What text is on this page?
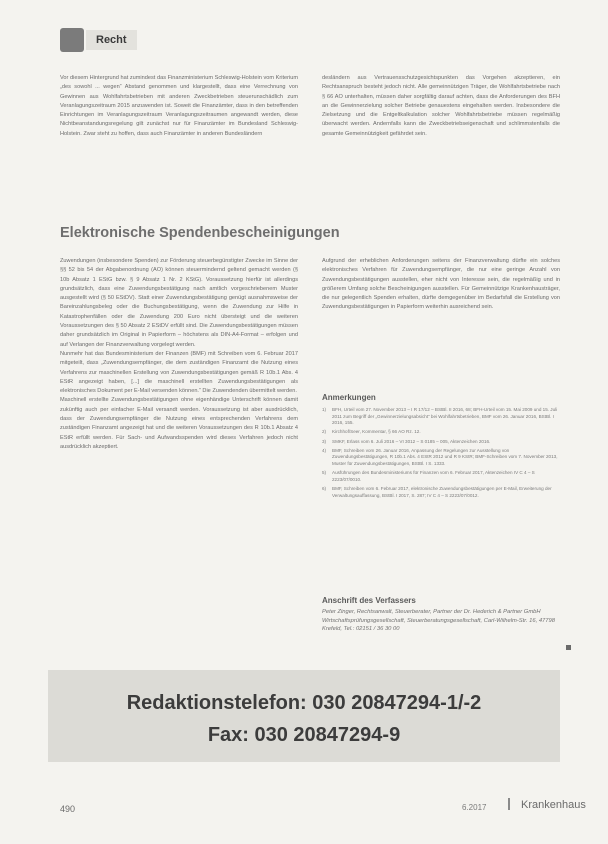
Recht

Vor diesem Hintergrund hat zumindest das Finanzministerium Schleswig-Holstein vom Kriterium „des sowohl ... wegen“ Abstand genommen und klargestellt, dass eine Verrechnung von Gewinnen aus Wohlfahrtsbetrieben mit anderen Zweckbetrieben steuerunschädlich zum Veranlagungszeitraum 2015 anzuwenden ist. Soweit die Finanzämter, dass in den betreffenden Einrichtungen im Veranlagungszeitraum Veranlagungszeitraumen angewandt werden, diese Nichtbeanstandungsregelung gilt zunächst nur für Finanzämter im Bundesland Schleswig-Holstein. Zwar steht zu hoffen, dass auch Finanzämter in anderen Bundesländern

desländern aus Vertrauensschutzgesichtspunkten das Vorgehen akzeptieren, ein Rechtsanspruch besteht jedoch nicht. Alle gemeinnützigen Träger, die Wohlfahrtsbetriebe nach § 66 AO unterhalten, müssen daher sorgfältig darauf achten, dass die Anforderungen des BFH an die Gewinnerzielung solcher Betriebe genauestens eingehalten werden. Insbesondere die Zielsetzung und die Entgeltkalkulation solcher Wohlfahrtsbetriebe müssen regelmäßig überwacht werden. Andernfalls kann die Zweckbetriebseigenschaft und schlimmstenfalls die gesamte Gemeinnützigkeit gefährdet sein.

Elektronische Spendenbescheinigungen

Zuwendungen (insbesondere Spenden) zur Förderung steuerbegünstigter Zwecke im Sinne der §§ 52 bis 54 der Abgabenordnung (AO) können steuermindernd geltend gemacht werden (§ 10b Absatz 1 EStG bzw. § 9 Absatz 1 Nr. 2 KStG). Voraussetzung hierfür ist allerdings grundsätzlich, dass eine Zuwendungsbestätigung nach amtlich vorgeschriebenem Muster ausgestellt wird (§ 50 EStDV). Statt einer Zuwendungsbestätigung genügt ausnahmsweise der Bareinzahlungsbeleg oder die Buchungsbestätigung, wenn die Zuwendung zur Hilfe in Katastrophenfällen oder die Zuwendung 200 Euro nicht übersteigt und die weiteren Voraussetzungen des § 50 Absatz 2 EStDV erfüllt sind. Die Zuwendungsbestätigungen müssen daher grundsätzlich im Original in Papierform – höchstens als DIN-A4-Format – erfolgen und auf Verlangen der Finanzverwaltung vorgelegt werden.

Nunmehr hat das Bundesministerium der Finanzen (BMF) mit Schreiben vom 6. Februar 2017 mitgeteilt, dass „Zuwendungsempfänger, die dem zuständigen Finanzamt die Nutzung eines Verfahrens zur maschinellen Erstellung von Zuwendungsbestätigungen gemäß R 10b.1 Abs. 4 EStR angezeigt haben, [...] die maschinell erstellten Zuwendungsbestätigungen als elektronisches Dokument per E-Mail versenden können.“ Die Zuwendenden übermittelt werden.

Maschinell erstellte Zuwendungsbestätigungen ohne eigenhändige Unterschrift können damit zukünftig auch per einfacher E-Mail versandt werden. Voraussetzung ist aber ausdrücklich, dass der Zuwendungsempfänger die Nutzung eines entsprechenden Verfahrens dem zuständigen Finanzamt angezeigt hat und die weiteren Voraussetzungen des R 10b.1 Absatz 4 EStR erfüllt werden. Für Sach- und Aufwandsspenden wird dieses Verfahren jedoch nicht ausdrücklich akzeptiert.

Aufgrund der erheblichen Anforderungen seitens der Finanzverwaltung dürfte ein solches elektronisches Verfahren für Zuwendungsempfänger, die nur eine geringe Anzahl von Zuwendungsbestätigungen ausstellen, eher nicht von Interesse sein, die regelmäßig und in größerem Umfang solche Bescheinigungen ausstellen. Für Gemeinnützige Krankenhausträger, die nur gelegentlich Spenden erhalten, dürfte demgegenüber im Bedarfsfall die Erstellung von Zuwendungsbestätigungen in Papierform weiterhin ausreichend sein.

Anmerkungen
1)	BFH, Urteil vom 27. November 2013 – I R 17/12 – BStBl. II 2016, 68; BFH-Urteil vom 15. Mai 2009 und 15. Juli 2011 zum Begriff der „Gewinnerzielungsabsicht“ bei Wohlfahrtsbetrieben, BMF vom 26. Januar 2016, BStBl. I 2016, 155.
2)	Kirchhof/Seer, Kommentar, § 66 AO Rz. 12.
3)	SMKF, Erlass vom 6. Juli 2016 – VI 3012 – S 0185 – 005, Aktenzeichen 2016.
4)	BMF, Schreiben vom 26. Januar 2016, Anpassung der Regelungen zur Ausstellung von Zuwendungsbestätigungen, R 10b.1 Abs. 4 EStR 2012 und R 9 KStR; BMF-Schreiben vom 7. November 2013, Muster für Zuwendungsbestätigungen, BStBl. I S. 1333.
5)	Ausführungen des Bundesministeriums für Finanzen vom 6. Februar 2017, Aktenzeichen IV C 4 – S 2223/07/0010.
6)	BMF, Schreiben vom 6. Februar 2017, elektronische Zuwendungsbestätigungen per E-Mail, Erweiterung der Verwaltungsauffassung, BStBl. I 2017, S. 287; IV C 4 – S 2223/07/0012.
Anschrift des Verfassers
Peter Zinger, Rechtsanwalt, Steuerberater, Partner der Dr. Hederich & Partner GmbH Wirtschaftsprüfungsgesellschaft, Steuerberatungsgesellschaft, Carl-Wilhelm-Str. 16, 47798 Krefeld, Tel.: 02151 / 36 30 00
Redaktionstelefon: 030 20847294-1/-2
Fax: 030 20847294-9
490	6.2017	Krankenhaus
